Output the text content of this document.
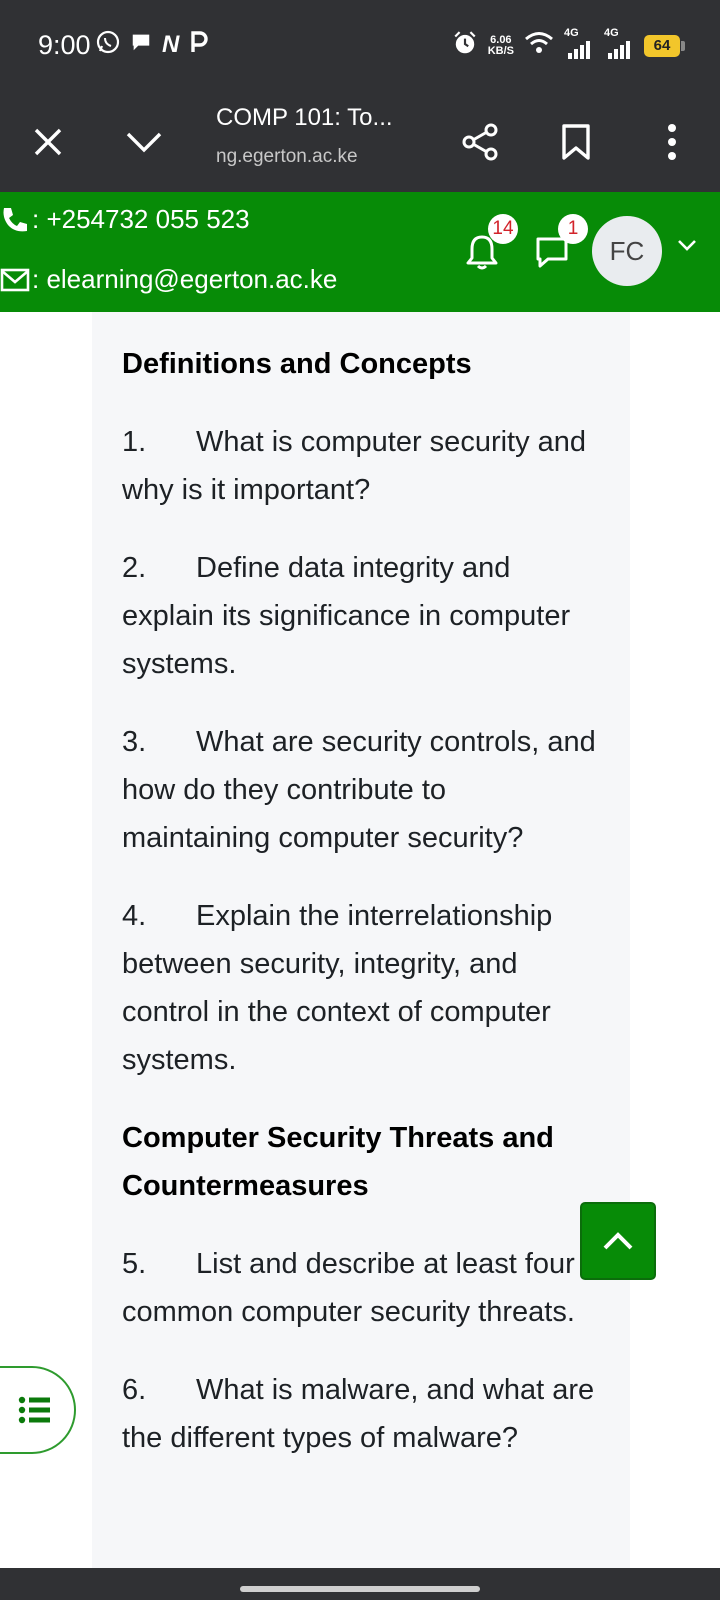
9:00	N	6.06
KB/S
4G 4G
64
COMP 101: To...
ng.egerton.ac.ke
: +254732 055 523
: elearning@egerton.ac.ke
14	1
FC
Definitions and Concepts

1. What is computer security and why is it important?

2. Define data integrity and explain its significance in computer systems.

3. What are security controls, and how do they contribute to maintaining computer security?

4. Explain the interrelationship between security, integrity, and control in the context of computer systems.

Computer Security Threats and Countermeasures

5. List and describe at least four common computer security threats.

6. What is malware, and what are the different types of malware?
